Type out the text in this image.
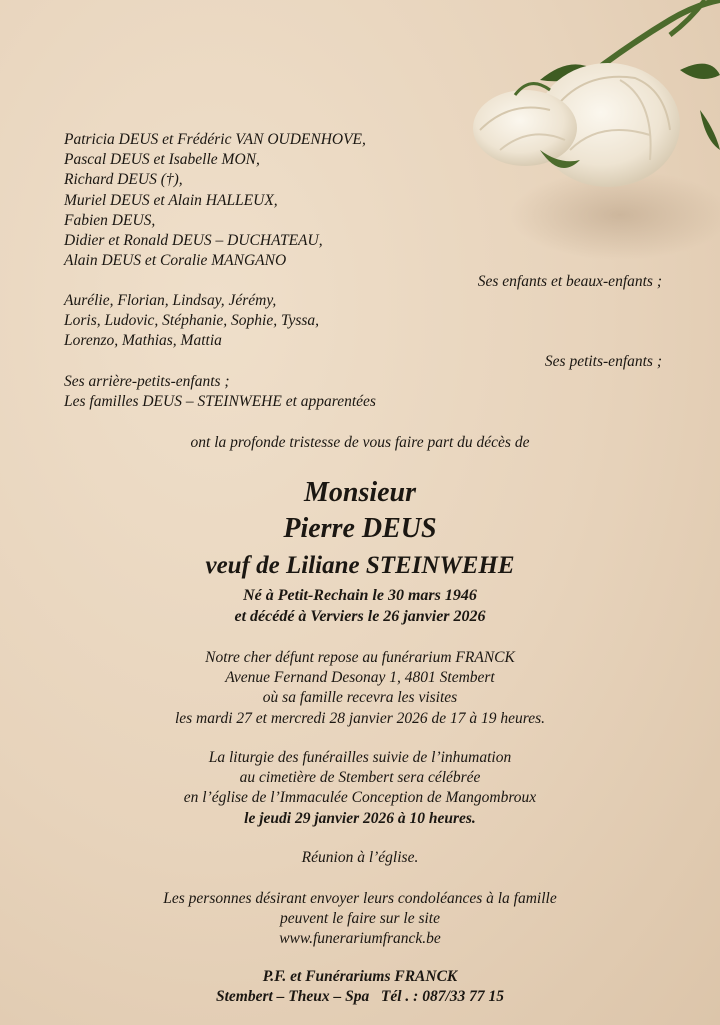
Patricia DEUS et Frédéric VAN OUDENHOVE,
Pascal DEUS et Isabelle MON,
Richard DEUS (†),
Muriel DEUS et Alain HALLEUX,
Fabien DEUS,
Didier et Ronald DEUS – DUCHATEAU,
Alain DEUS et Coralie MANGANO
Ses enfants et beaux-enfants ;
Aurélie, Florian, Lindsay, Jérémy,
Loris, Ludovic, Stéphanie, Sophie, Tyssa,
Lorenzo, Mathias, Mattia
Ses petits-enfants ;
Ses arrière-petits-enfants ;
Les familles DEUS – STEINWEHE et apparentées
ont la profonde tristesse de vous faire part du décès de
Monsieur
Pierre DEUS
veuf de Liliane STEINWEHE
Né à Petit-Rechain le 30 mars 1946
et décédé à Verviers le 26 janvier 2026
Notre cher défunt repose au funérarium FRANCK
Avenue Fernand Desonay 1, 4801 Stembert
où sa famille recevra les visites
les mardi 27 et mercredi 28 janvier 2026 de 17 à 19 heures.
La liturgie des funérailles suivie de l’inhumation
au cimetière de Stembert sera célébrée
en l’église de l’Immaculée Conception de Mangombroux
le jeudi 29 janvier 2026 à 10 heures.
Réunion à l’église.
Les personnes désirant envoyer leurs condoléances à la famille
peuvent le faire sur le site
www.funerariumfranck.be
P.F. et Funérariums FRANCK
Stembert – Theux – Spa   Tél . : 087/33 77 15
